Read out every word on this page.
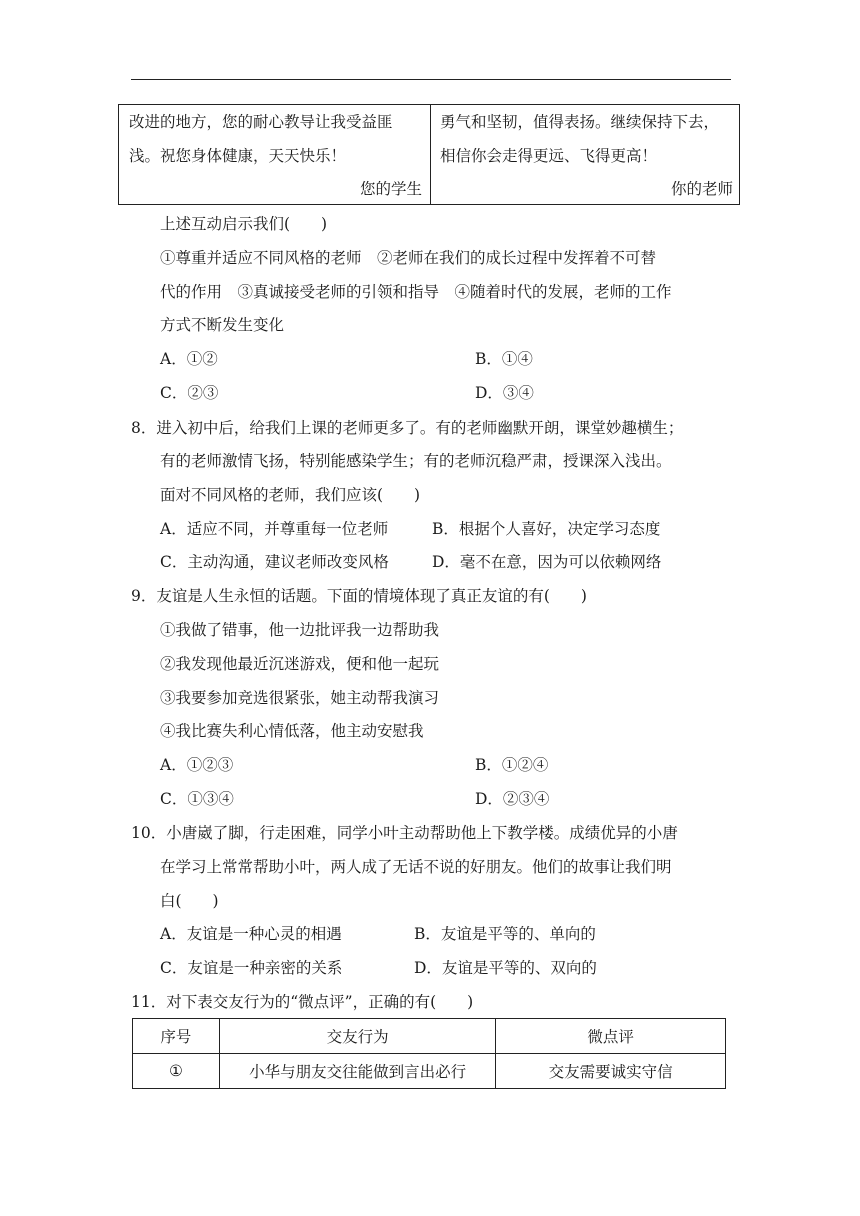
改进的地方，您的耐心教导让我受益匪
浅。祝您身体健康，天天快乐！
您的学生
勇气和坚韧，值得表扬。继续保持下去，
相信你会走得更远、飞得更高！
你的老师
上述互动启示我们(　　)
①尊重并适应不同风格的老师　②老师在我们的成长过程中发挥着不可替
代的作用　③真诚接受老师的引领和指导　④随着时代的发展，老师的工作
方式不断发生变化
A．①②	B．①④
C．②③	D．③④
8．进入初中后，给我们上课的老师更多了。有的老师幽默开朗，课堂妙趣横生；
有的老师激情飞扬，特别能感染学生；有的老师沉稳严肃，授课深入浅出。
面对不同风格的老师，我们应该(　　)
A．适应不同，并尊重每一位老师	B．根据个人喜好，决定学习态度
C．主动沟通，建议老师改变风格	D．毫不在意，因为可以依赖网络
9．友谊是人生永恒的话题。下面的情境体现了真正友谊的有(　　)
①我做了错事，他一边批评我一边帮助我
②我发现他最近沉迷游戏，便和他一起玩
③我要参加竞选很紧张，她主动帮我演习
④我比赛失利心情低落，他主动安慰我
A．①②③	B．①②④
C．①③④	D．②③④
10．小唐崴了脚，行走困难，同学小叶主动帮助他上下教学楼。成绩优异的小唐
在学习上常常帮助小叶，两人成了无话不说的好朋友。他们的故事让我们明
白(　　)
A．友谊是一种心灵的相遇	B．友谊是平等的、单向的
C．友谊是一种亲密的关系	D．友谊是平等的、双向的
11．对下表交友行为的“微点评”，正确的有(　　)
序号	交友行为	微点评
①	小华与朋友交往能做到言出必行	交友需要诚实守信
